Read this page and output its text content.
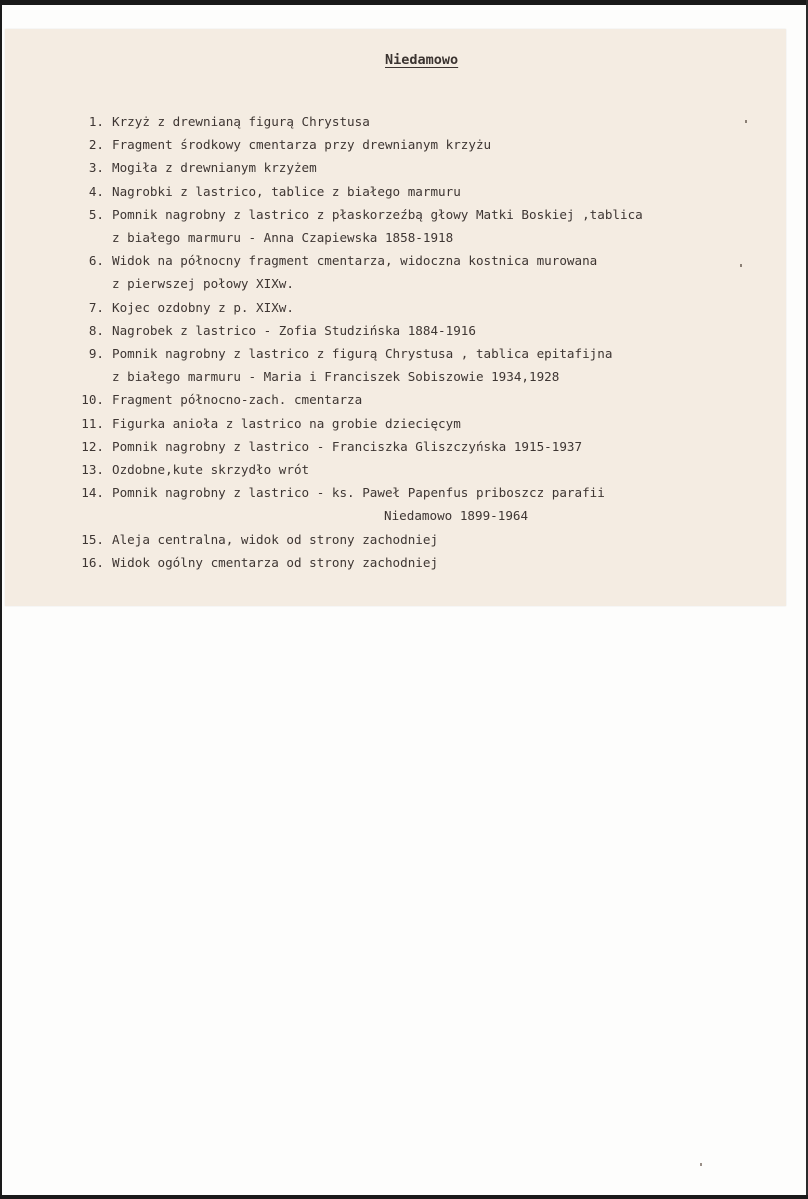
Niedamowo
1. Krzyż z drewnianą figurą Chrystusa
2. Fragment środkowy cmentarza przy drewnianym krzyżu
3. Mogiła z drewnianym krzyżem
4. Nagrobki z lastrico, tablice z białego marmuru
5. Pomnik nagrobny z lastrico z płaskorzeźbą głowy Matki Boskiej ,tablica
z białego marmuru - Anna Czapiewska 1858-1918
6. Widok na północny fragment cmentarza, widoczna kostnica murowana
z pierwszej połowy XIXw.
7. Kojec ozdobny z p. XIXw.
8. Nagrobek z lastrico - Zofia Studzińska 1884-1916
9. Pomnik nagrobny z lastrico z figurą Chrystusa , tablica epitafijna
z białego marmuru - Maria i Franciszek Sobiszowie 1934,1928
10. Fragment północno-zach. cmentarza
11. Figurka anioła z lastrico na grobie dziecięcym
12. Pomnik nagrobny z lastrico - Franciszka Gliszczyńska 1915-1937
13. Ozdobne,kute skrzydło wrót
14. Pomnik nagrobny z lastrico - ks. Paweł Papenfus priboszcz parafii
Niedamowo 1899-1964
15. Aleja centralna, widok od strony zachodniej
16. Widok ogólny cmentarza od strony zachodniej
